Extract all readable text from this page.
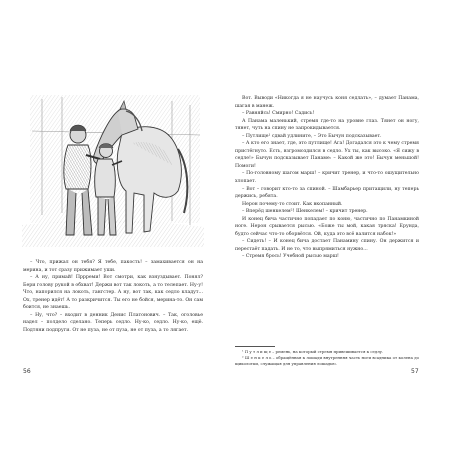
– Что, прижал он тебя? Я тебе, пакость! – замахивается он на мерина, и тот сразу прижимает уши.

– А ну, примай! Пррреми! Вот смотри, как взнуздывает. Понял? Бери голову рукой в обхват! Держи вот так локоть, а то телепает. Ну-у! Что, напорился на локоть, гангстер. А ну, вот так, как седло кладут... Ох, тренер идёт! А то разкричится. Ты его не бойся, мерина-то. Он сам боится, не знаешь.

– Ну, что? – входит в денник Денис Платонович. – Так, оголовье надел – полдело сделано. Теперь седло. Ну-ко, седло. Ну-ко, ещё. Подтяни подпруги. От не пуза, не от пуза, не от пуза, а то лягает.

56

Вот. Выводи «Никогда я не научусь коня седлать», – думает Панама, шагая в манеж.

– Равняйсь! Смирно! Садись!

А Панама маленький, стремя где-то на уровне глаз. Тянет он ногу, тянет, чуть на спину не запрокидывается.

– Путлище¹ сдвай удлините, – Это Бычун подсказывает.

– А кто его знает, где, это путлище! Ага! Догадался это к чему стремя пристёгнуто. Есть, взгромоздился в седло. Ух ты, как высоко. «Я сижу в седле!» Бычун подсказывает Панаме: – Какой же это! Бычун меньшой! Помоги!

– По-головному шагом марш! – кричит тренер, и что-то ошущительно хлопает.

– Вот – говорит кто-то за спиной. – Шамбарьер притащили, ну теперь держись, ребята.

Нерон почему-то стоит. Как вкопанный.

– Вперёд шенкелем²! Шенкелем! – кричит тренер.

И конец бича частично попадает по коню, частично по Панамкиной ноге. Нерон срывается рысью. «Боже ты мой, какая тряска! Ерунда, будто сейчас что-то оборвётся. Ой, куда это всё валится набок!»

– Сидеть! – И конец бича достает Панамину спину. Он держится и перестаёт падать. И не то, что выпрямиться нужно...

– Стремя брось! Учебной рысью марш!

¹ П у т л и щ е – ремень, на который стремя привешивается к седлу.

² Ш е н к е л ь – обращённая к лошади внутренняя часть ноги всадника от колена до щиколотки, служащая для управления лошадью.

57
